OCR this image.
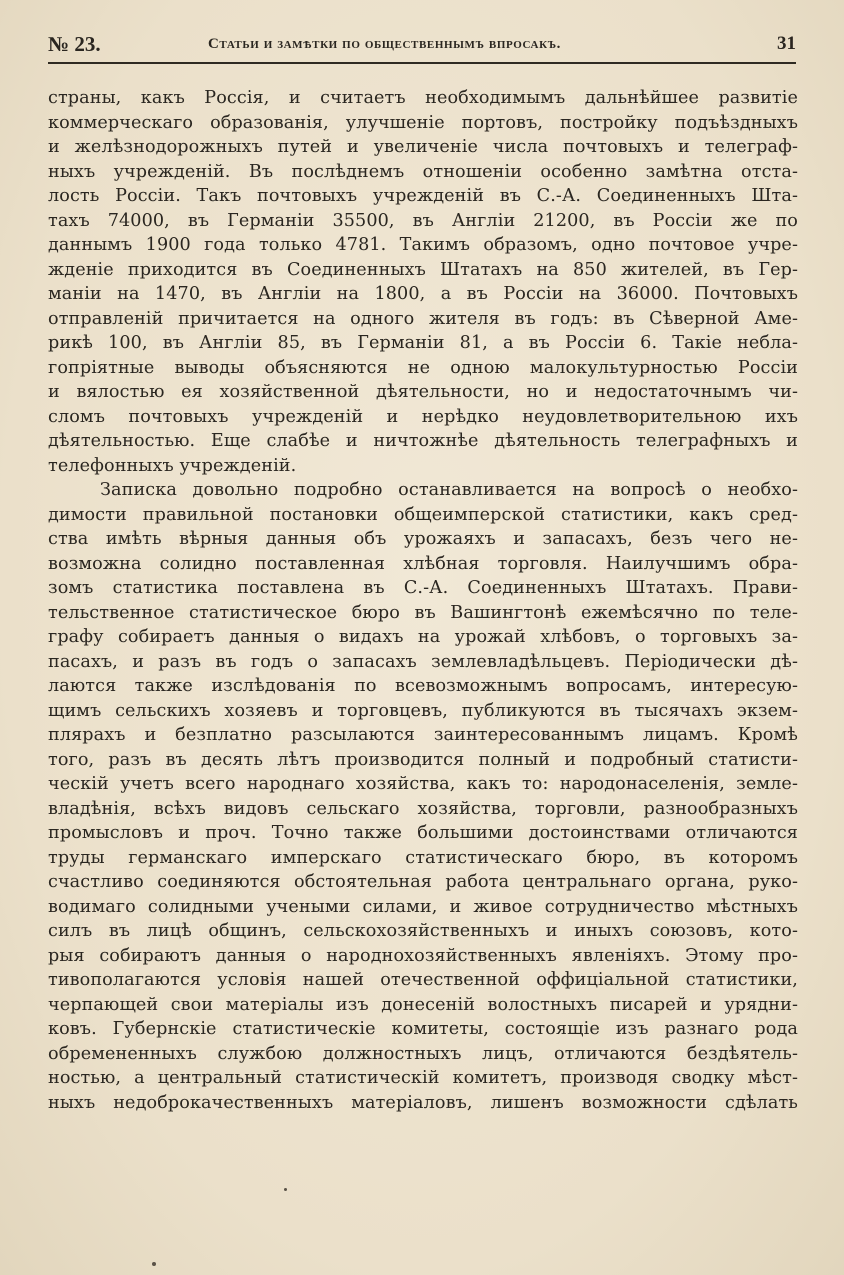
№ 23.	Статьи и замѣтки по общественнымъ впросакъ.	31
страны, какъ Россія, и считаетъ необходимымъ дальнѣйшее развитіе
коммерческаго образованія, улучшеніе портовъ, постройку подъѣздныхъ
и желѣзнодорожныхъ путей и увеличеніе числа почтовыхъ и телеграф-
ныхъ учрежденій. Въ послѣднемъ отношеніи особенно замѣтна отста-
лость Россіи. Такъ почтовыхъ учрежденій въ С.-А. Соединенныхъ Шта-
тахъ 74000, въ Германіи 35500, въ Англіи 21200, въ Россіи же по
даннымъ 1900 года только 4781. Такимъ образомъ, одно почтовое учре-
жденіе приходится въ Соединенныхъ Штатахъ на 850 жителей, въ Гер-
маніи на 1470, въ Англіи на 1800, а въ Россіи на 36000. Почтовыхъ
отправленій причитается на одного жителя въ годъ: въ Сѣверной Аме-
рикѣ 100, въ Англіи 85, въ Германіи 81, а въ Россіи 6. Такіе небла-
гопріятные выводы объясняются не одною малокультурностью Россіи
и вялостью ея хозяйственной дѣятельности, но и недостаточнымъ чи-
сломъ почтовыхъ учрежденій и нерѣдко неудовлетворительною ихъ
дѣятельностью. Еще слабѣе и ничтожнѣе дѣятельность телеграфныхъ и
телефонныхъ учрежденій.
Записка довольно подробно останавливается на вопросѣ о необхо-
димости правильной постановки общеимперской статистики, какъ сред-
ства имѣть вѣрныя данныя объ урожаяхъ и запасахъ, безъ чего не-
возможна солидно поставленная хлѣбная торговля. Наилучшимъ обра-
зомъ статистика поставлена въ С.-А. Соединенныхъ Штатахъ. Прави-
тельственное статистическое бюро въ Вашингтонѣ ежемѣсячно по теле-
графу собираетъ данныя о видахъ на урожай хлѣбовъ, о торговыхъ за-
пасахъ, и разъ въ годъ о запасахъ землевладѣльцевъ. Періодически дѣ-
лаются также изслѣдованія по всевозможнымъ вопросамъ, интересую-
щимъ сельскихъ хозяевъ и торговцевъ, публикуются въ тысячахъ экзем-
плярахъ и безплатно разсылаются заинтересованнымъ лицамъ. Кромѣ
того, разъ въ десять лѣтъ производится полный и подробный статисти-
ческій учетъ всего народнаго хозяйства, какъ то: народонаселенія, земле-
владѣнія, всѣхъ видовъ сельскаго хозяйства, торговли, разнообразныхъ
промысловъ и проч. Точно также большими достоинствами отличаются
труды германскаго имперскаго статистическаго бюро, въ которомъ
счастливо соединяются обстоятельная работа центральнаго органа, руко-
водимаго солидными учеными силами, и живое сотрудничество мѣстныхъ
силъ въ лицѣ общинъ, сельскохозяйственныхъ и иныхъ союзовъ, кото-
рыя собираютъ данныя о народнохозяйственныхъ явленіяхъ. Этому про-
тивополагаются условія нашей отечественной оффиціальной статистики,
черпающей свои матеріалы изъ донесеній волостныхъ писарей и урядни-
ковъ. Губернскіе статистическіе комитеты, состоящіе изъ разнаго рода
обремененныхъ службою должностныхъ лицъ, отличаются бездѣятель-
ностью, а центральный статистическій комитетъ, производя сводку мѣст-
ныхъ недоброкачественныхъ матеріаловъ, лишенъ возможности сдѣлать
